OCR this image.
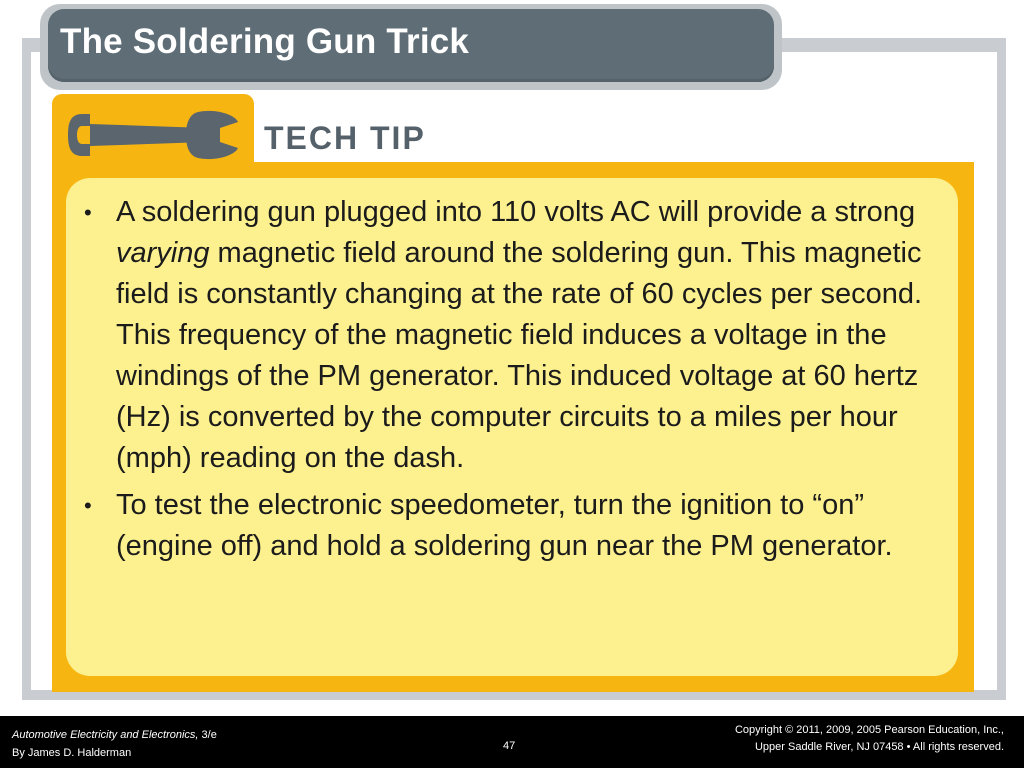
The Soldering Gun Trick
TECH TIP
• A soldering gun plugged into 110 volts AC will provide a strong varying magnetic field around the soldering gun. This magnetic field is constantly changing at the rate of 60 cycles per second. This frequency of the magnetic field induces a voltage in the windings of the PM generator. This induced voltage at 60 hertz (Hz) is converted by the computer circuits to a miles per hour (mph) reading on the dash.
• To test the electronic speedometer, turn the ignition to “on” (engine off) and hold a soldering gun near the PM generator.
Automotive Electricity and Electronics, 3/e
By James D. Halderman
47
Copyright © 2011, 2009, 2005 Pearson Education, Inc.,
Upper Saddle River, NJ 07458 • All rights reserved.
